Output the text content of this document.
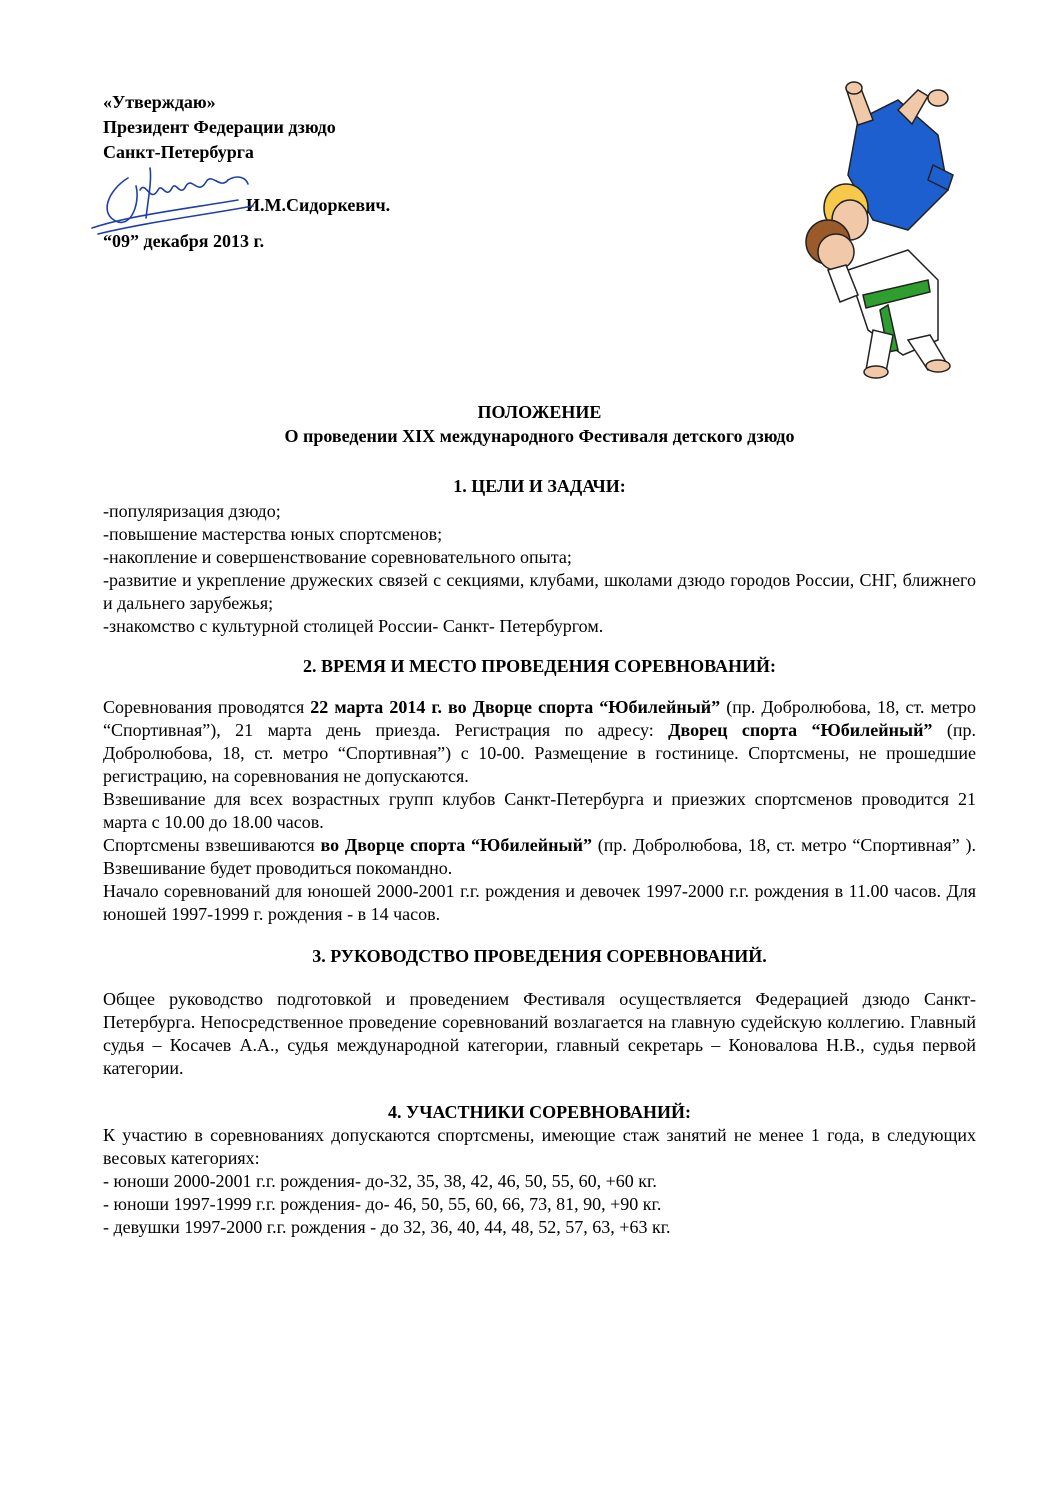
«Утверждаю»
Президент Федерации дзюдо
Санкт-Петербурга
И.М.Сидоркевич.
“09” декабря 2013 г.
ПОЛОЖЕНИЕ
О проведении XIX международного Фестиваля детского дзюдо
1. ЦЕЛИ И ЗАДАЧИ:

-популяризация дзюдо;

-повышение мастерства юных спортсменов;

-накопление и совершенствование соревновательного опыта;

-развитие и укрепление дружеских связей с секциями, клубами, школами дзюдо городов России, СНГ, ближнего и дальнего зарубежья;

-знакомство с культурной столицей России- Санкт- Петербургом.

2. ВРЕМЯ И МЕСТО ПРОВЕДЕНИЯ СОРЕВНОВАНИЙ:

Соревнования проводятся 22 марта 2014 г. во Дворце спорта “Юбилейный” (пр. Добролюбова, 18, ст. метро “Спортивная”), 21 марта день приезда. Регистрация по адресу: Дворец спорта “Юбилейный” (пр. Добролюбова, 18, ст. метро “Спортивная”) с 10-00. Размещение в гостинице. Спортсмены, не прошедшие регистрацию, на соревнования не допускаются.

Взвешивание для всех возрастных групп клубов Санкт-Петербурга и приезжих спортсменов проводится 21 марта с 10.00 до 18.00 часов.

Спортсмены взвешиваются во Дворце спорта “Юбилейный” (пр. Добролюбова, 18, ст. метро “Спортивная” ). Взвешивание будет проводиться покомандно.

Начало соревнований для юношей 2000-2001 г.г. рождения и девочек 1997-2000 г.г. рождения в 11.00 часов. Для юношей 1997-1999 г. рождения - в 14 часов.

3. РУКОВОДСТВО ПРОВЕДЕНИЯ СОРЕВНОВАНИЙ.

Общее руководство подготовкой и проведением Фестиваля осуществляется Федерацией дзюдо Санкт-Петербурга. Непосредственное проведение соревнований возлагается на главную судейскую коллегию. Главный судья – Косачев А.А., судья международной категории, главный секретарь – Коновалова Н.В., судья первой категории.

4. УЧАСТНИКИ СОРЕВНОВАНИЙ:

К участию в соревнованиях допускаются спортсмены, имеющие стаж занятий не менее 1 года, в следующих весовых категориях:

- юноши 2000-2001 г.г. рождения- до-32, 35, 38, 42, 46, 50, 55, 60, +60 кг.

- юноши 1997-1999 г.г. рождения- до- 46, 50, 55, 60, 66, 73, 81, 90, +90 кг.

- девушки 1997-2000 г.г. рождения - до 32, 36, 40, 44, 48, 52, 57, 63, +63 кг.
